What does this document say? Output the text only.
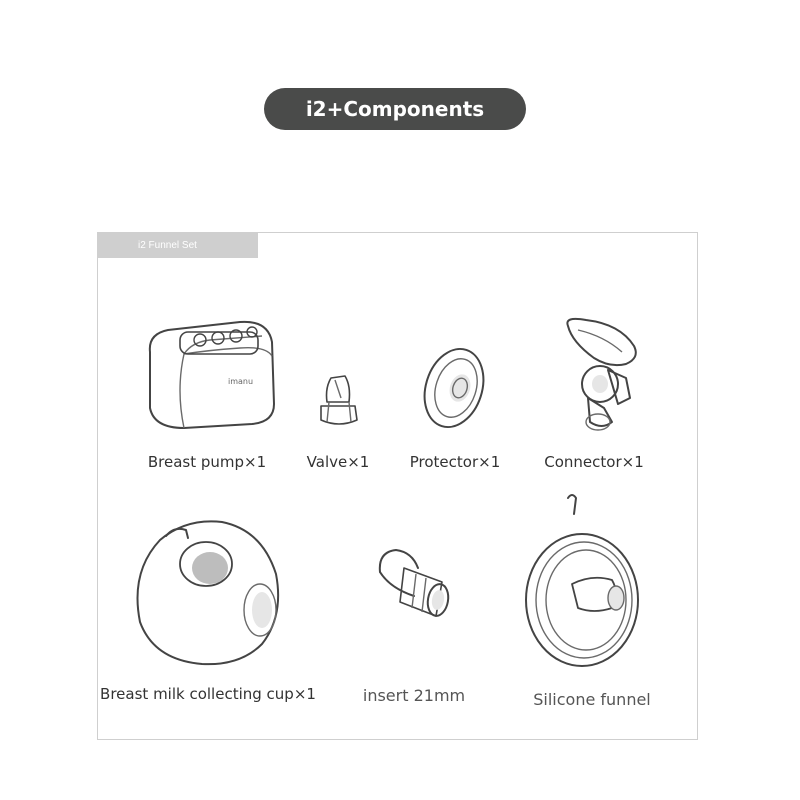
i2+Components
i2 Funnel Set
imanu
Breast pump×1	Valve×1	Protector×1	Connector×1
Breast milk collecting cup×1	insert 21mm	Silicone funnel
